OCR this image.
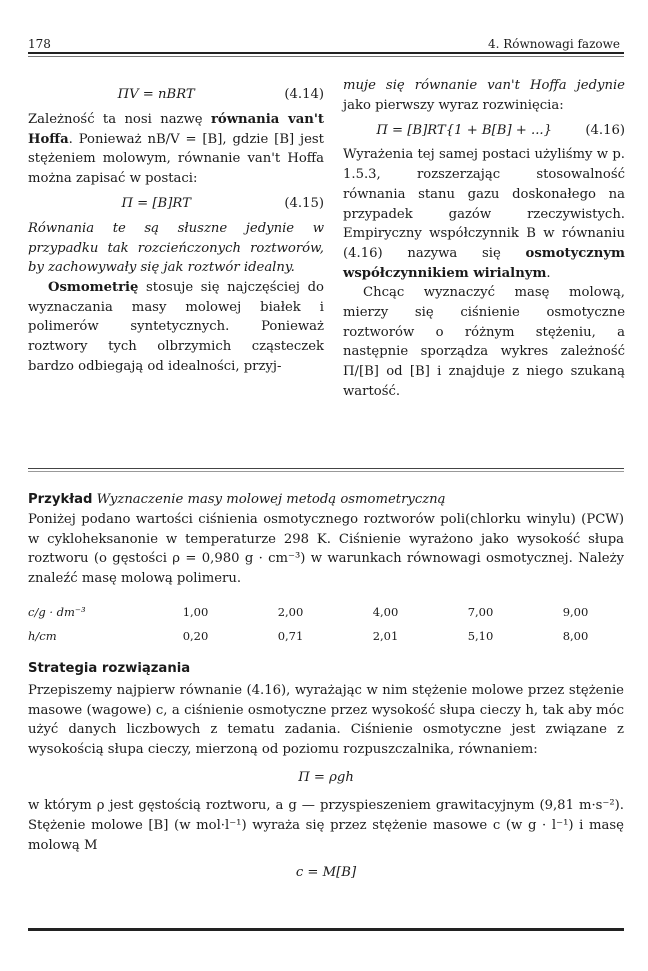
178	4. Równowagi fazowe
ΠV = nBRT	(4.14)

Zależność ta nosi nazwę równania van't Hoffa. Ponieważ nB/V = [B], gdzie [B] jest stężeniem molowym, równanie van't Hoffa można zapisać w postaci:

Π = [B]RT	(4.15)

Równania te są słuszne jedynie w przypadku tak rozcieńczonych roztworów, by zachowywały się jak roztwór idealny.

Osmometrię stosuje się najczęściej do wyznaczania masy molowej białek i polimerów syntetycznych. Ponieważ roztwory tych olbrzymich cząsteczek bardzo odbiegają od idealności, przyj-

muje się równanie van't Hoffa jedynie jako pierwszy wyraz rozwinięcia:

Π = [B]RT{1 + B[B] + ...}	(4.16)

Wyrażenia tej samej postaci użyliśmy w p. 1.5.3, rozszerzając stosowalność równania stanu gazu doskonałego na przypadek gazów rzeczywistych. Empiryczny współczynnik B w równaniu (4.16) nazywa się osmotycznym współczynnikiem wirialnym.

Chcąc wyznaczyć masę molową, mierzy się ciśnienie osmotyczne roztworów o różnym stężeniu, a następnie sporządza wykres zależność Π/[B] od [B] i znajduje z niego szukaną wartość.

Przykład Wyznaczenie masy molowej metodą osmometryczną

Poniżej podano wartości ciśnienia osmotycznego roztworów poli(chlorku winylu) (PCW) w cykloheksanonie w temperaturze 298 K. Ciśnienie wyrażono jako wysokość słupa roztworu (o gęstości ρ = 0,980 g · cm⁻³) w warunkach równowagi osmotycznej. Należy znaleźć masę molową polimeru.

c/g · dm⁻³	1,00	2,00	4,00	7,00	9,00
h/cm	0,20	0,71	2,01	5,10	8,00
Strategia rozwiązania

Przepiszemy najpierw równanie (4.16), wyrażając w nim stężenie molowe przez stężenie masowe (wagowe) c, a ciśnienie osmotyczne przez wysokość słupa cieczy h, tak aby móc użyć danych liczbowych z tematu zadania. Ciśnienie osmotyczne jest związane z wysokością słupa cieczy, mierzoną od poziomu rozpuszczalnika, równaniem:

Π = ρgh

w którym ρ jest gęstością roztworu, a g — przyspieszeniem grawitacyjnym (9,81 m·s⁻²). Stężenie molowe [B] (w mol·l⁻¹) wyraża się przez stężenie masowe c (w g · l⁻¹) i masę molową M

c = M[B]
